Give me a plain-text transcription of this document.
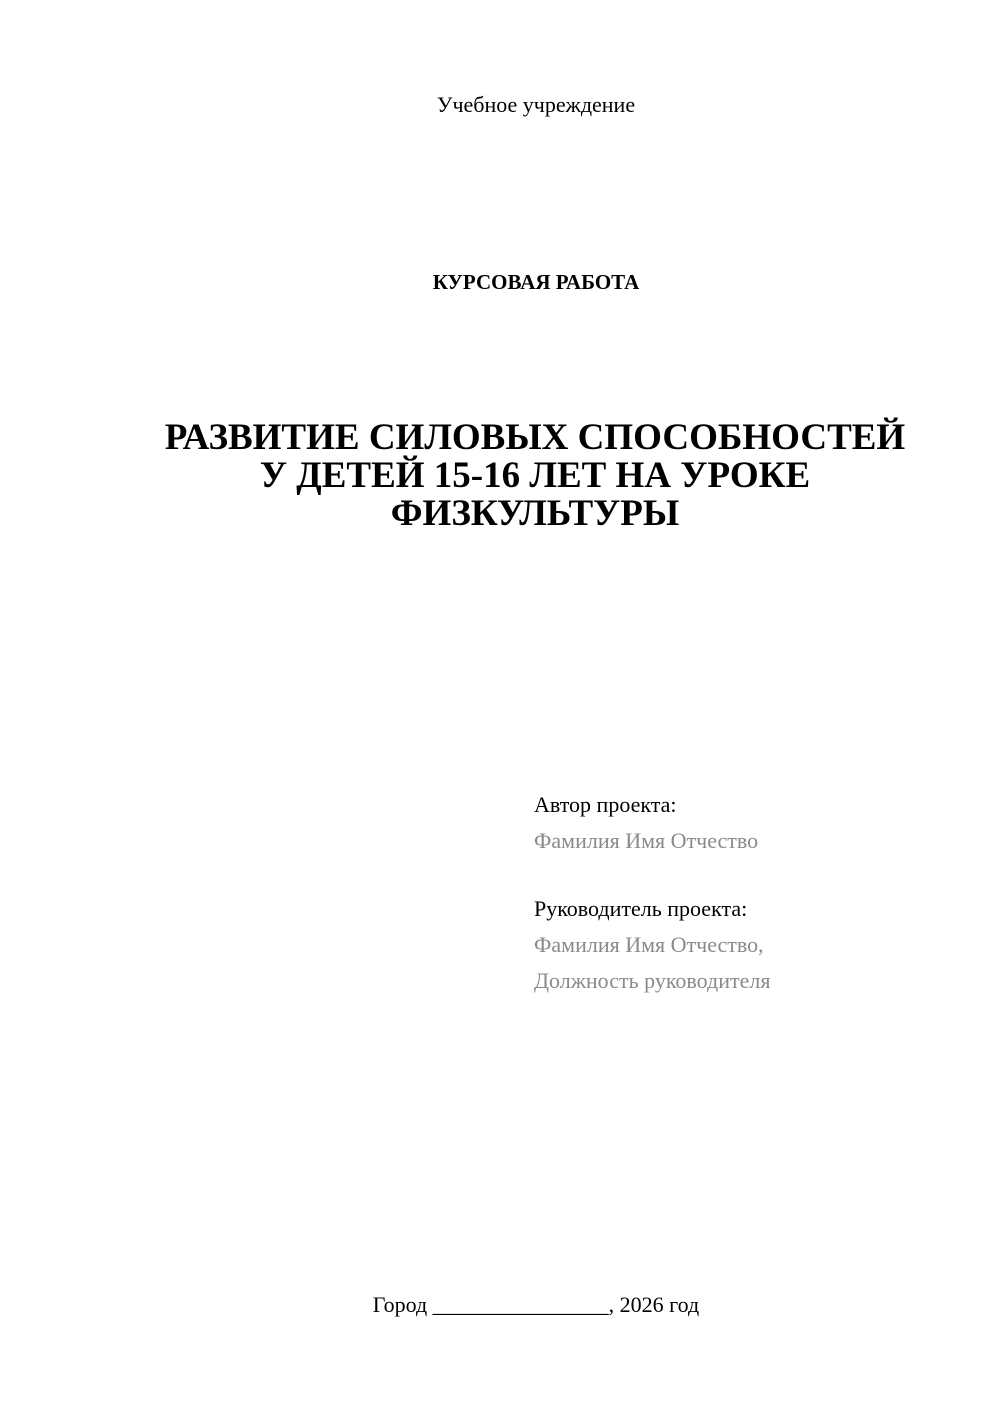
Учебное учреждение

КУРСОВАЯ РАБОТА

РАЗВИТИЕ СИЛОВЫХ СПОСОБНОСТЕЙ
У ДЕТЕЙ 15-16 ЛЕТ НА УРОКЕ
ФИЗКУЛЬТУРЫ

Автор проекта:

Фамилия Имя Отчество

Руководитель проекта:

Фамилия Имя Отчество,

Должность руководителя

Город ________________, 2026 год
